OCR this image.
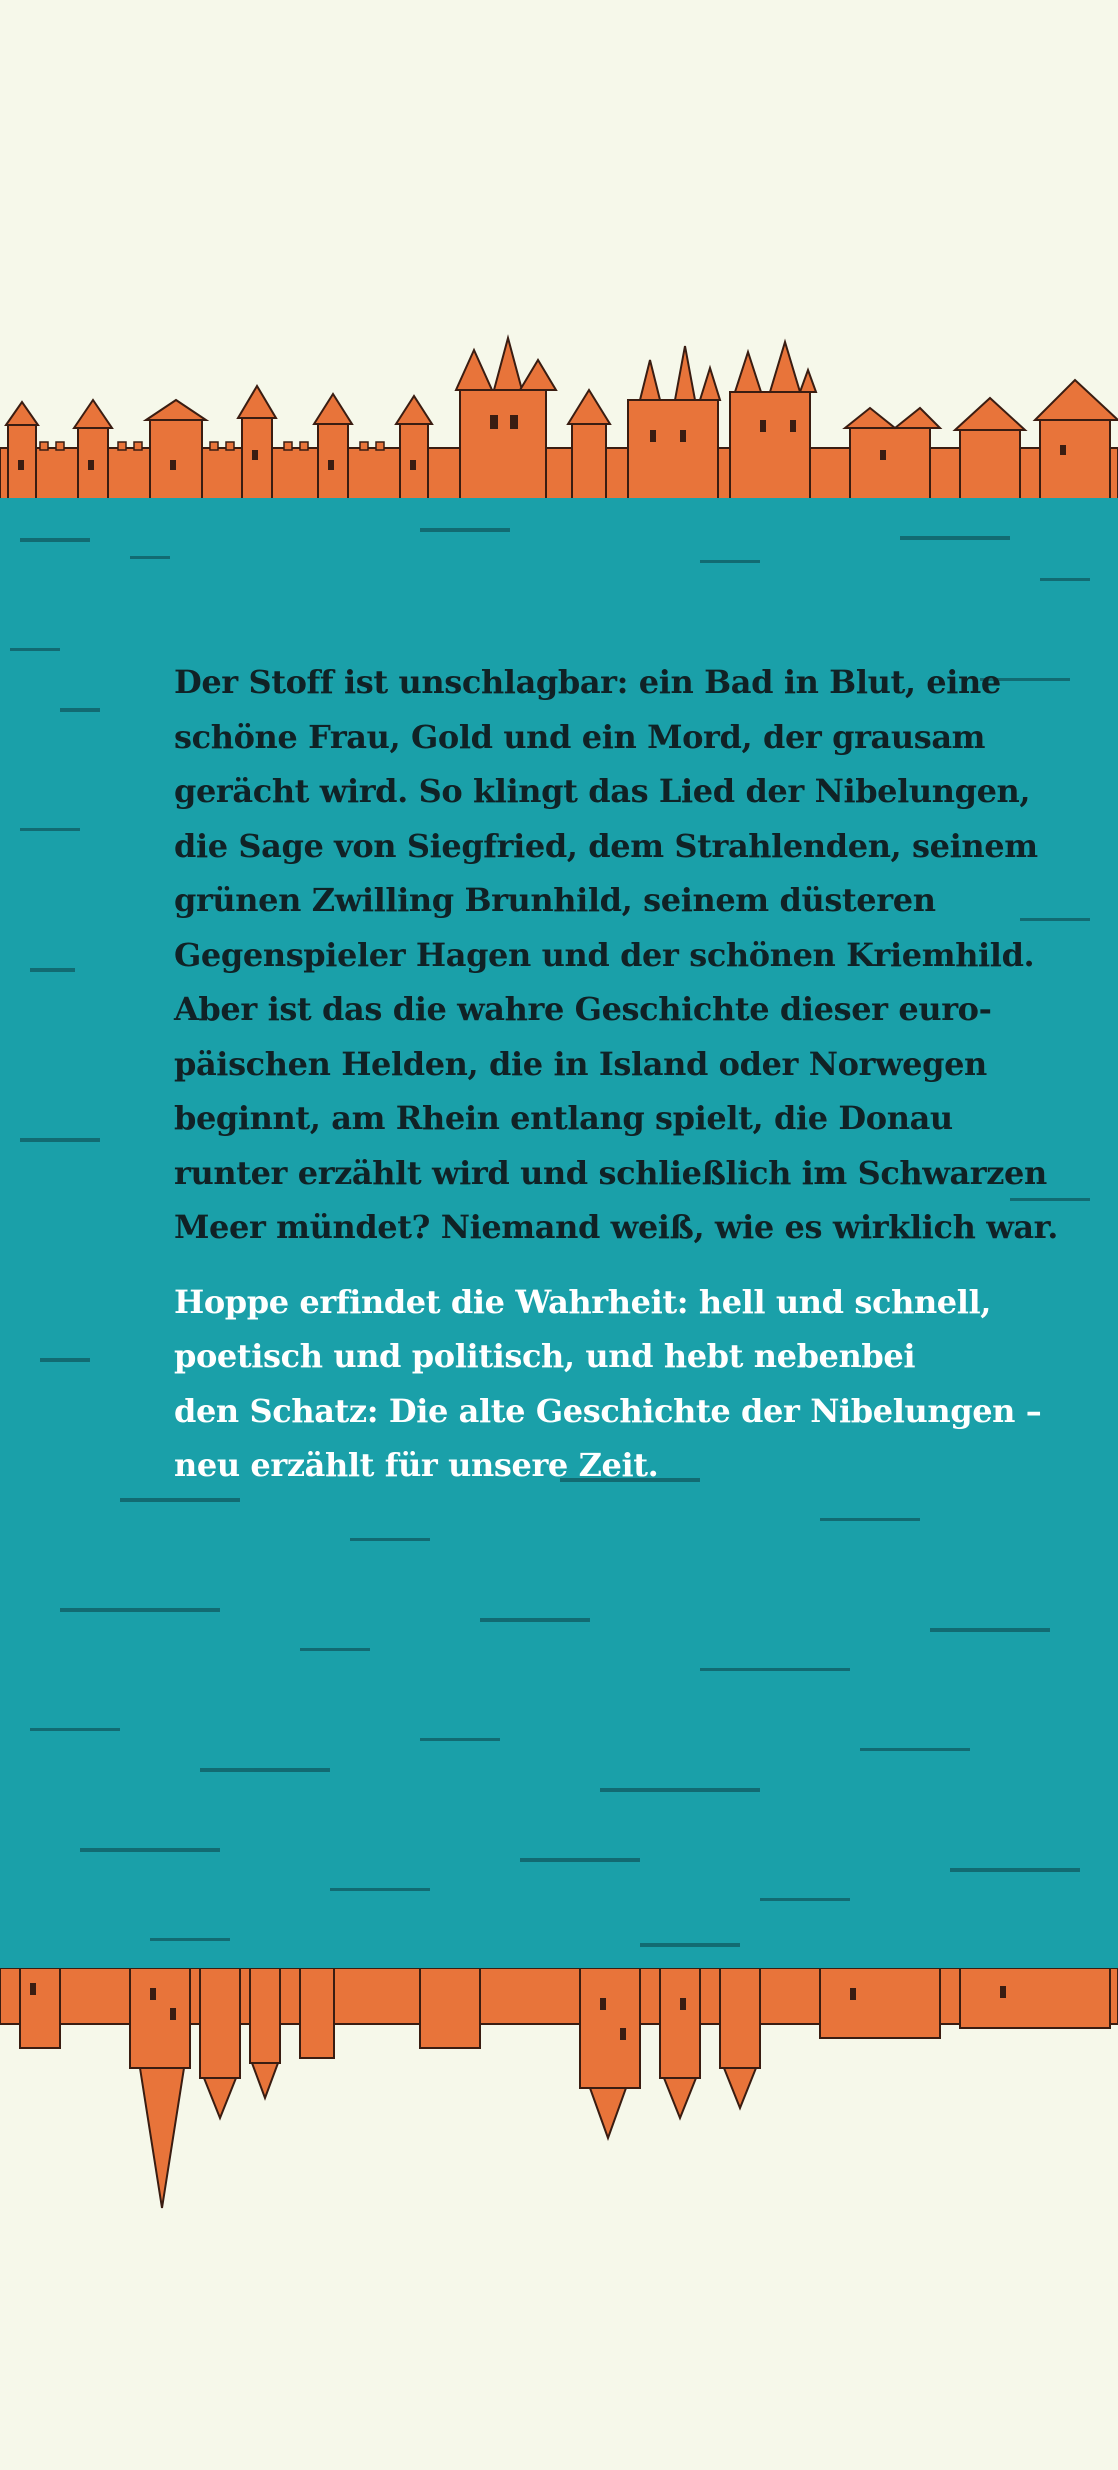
Der Stoff ist unschlagbar: ein Bad in Blut, eine
schöne Frau, Gold und ein Mord, der grausam
gerächt wird. So klingt das Lied der Nibelungen,
die Sage von Siegfried, dem Strahlenden, seinem
grünen Zwilling Brunhild, seinem düsteren
Gegenspieler Hagen und der schönen Kriemhild.
Aber ist das die wahre Geschichte dieser euro-
päischen Helden, die in Island oder Norwegen
beginnt, am Rhein entlang spielt, die Donau
runter erzählt wird und schließlich im Schwarzen
Meer mündet? Niemand weiß, wie es wirklich war.

Hoppe erfindet die Wahrheit: hell und schnell,
poetisch und politisch, und hebt nebenbei
den Schatz: Die alte Geschichte der Nibelungen –
neu erzählt für unsere Zeit.
